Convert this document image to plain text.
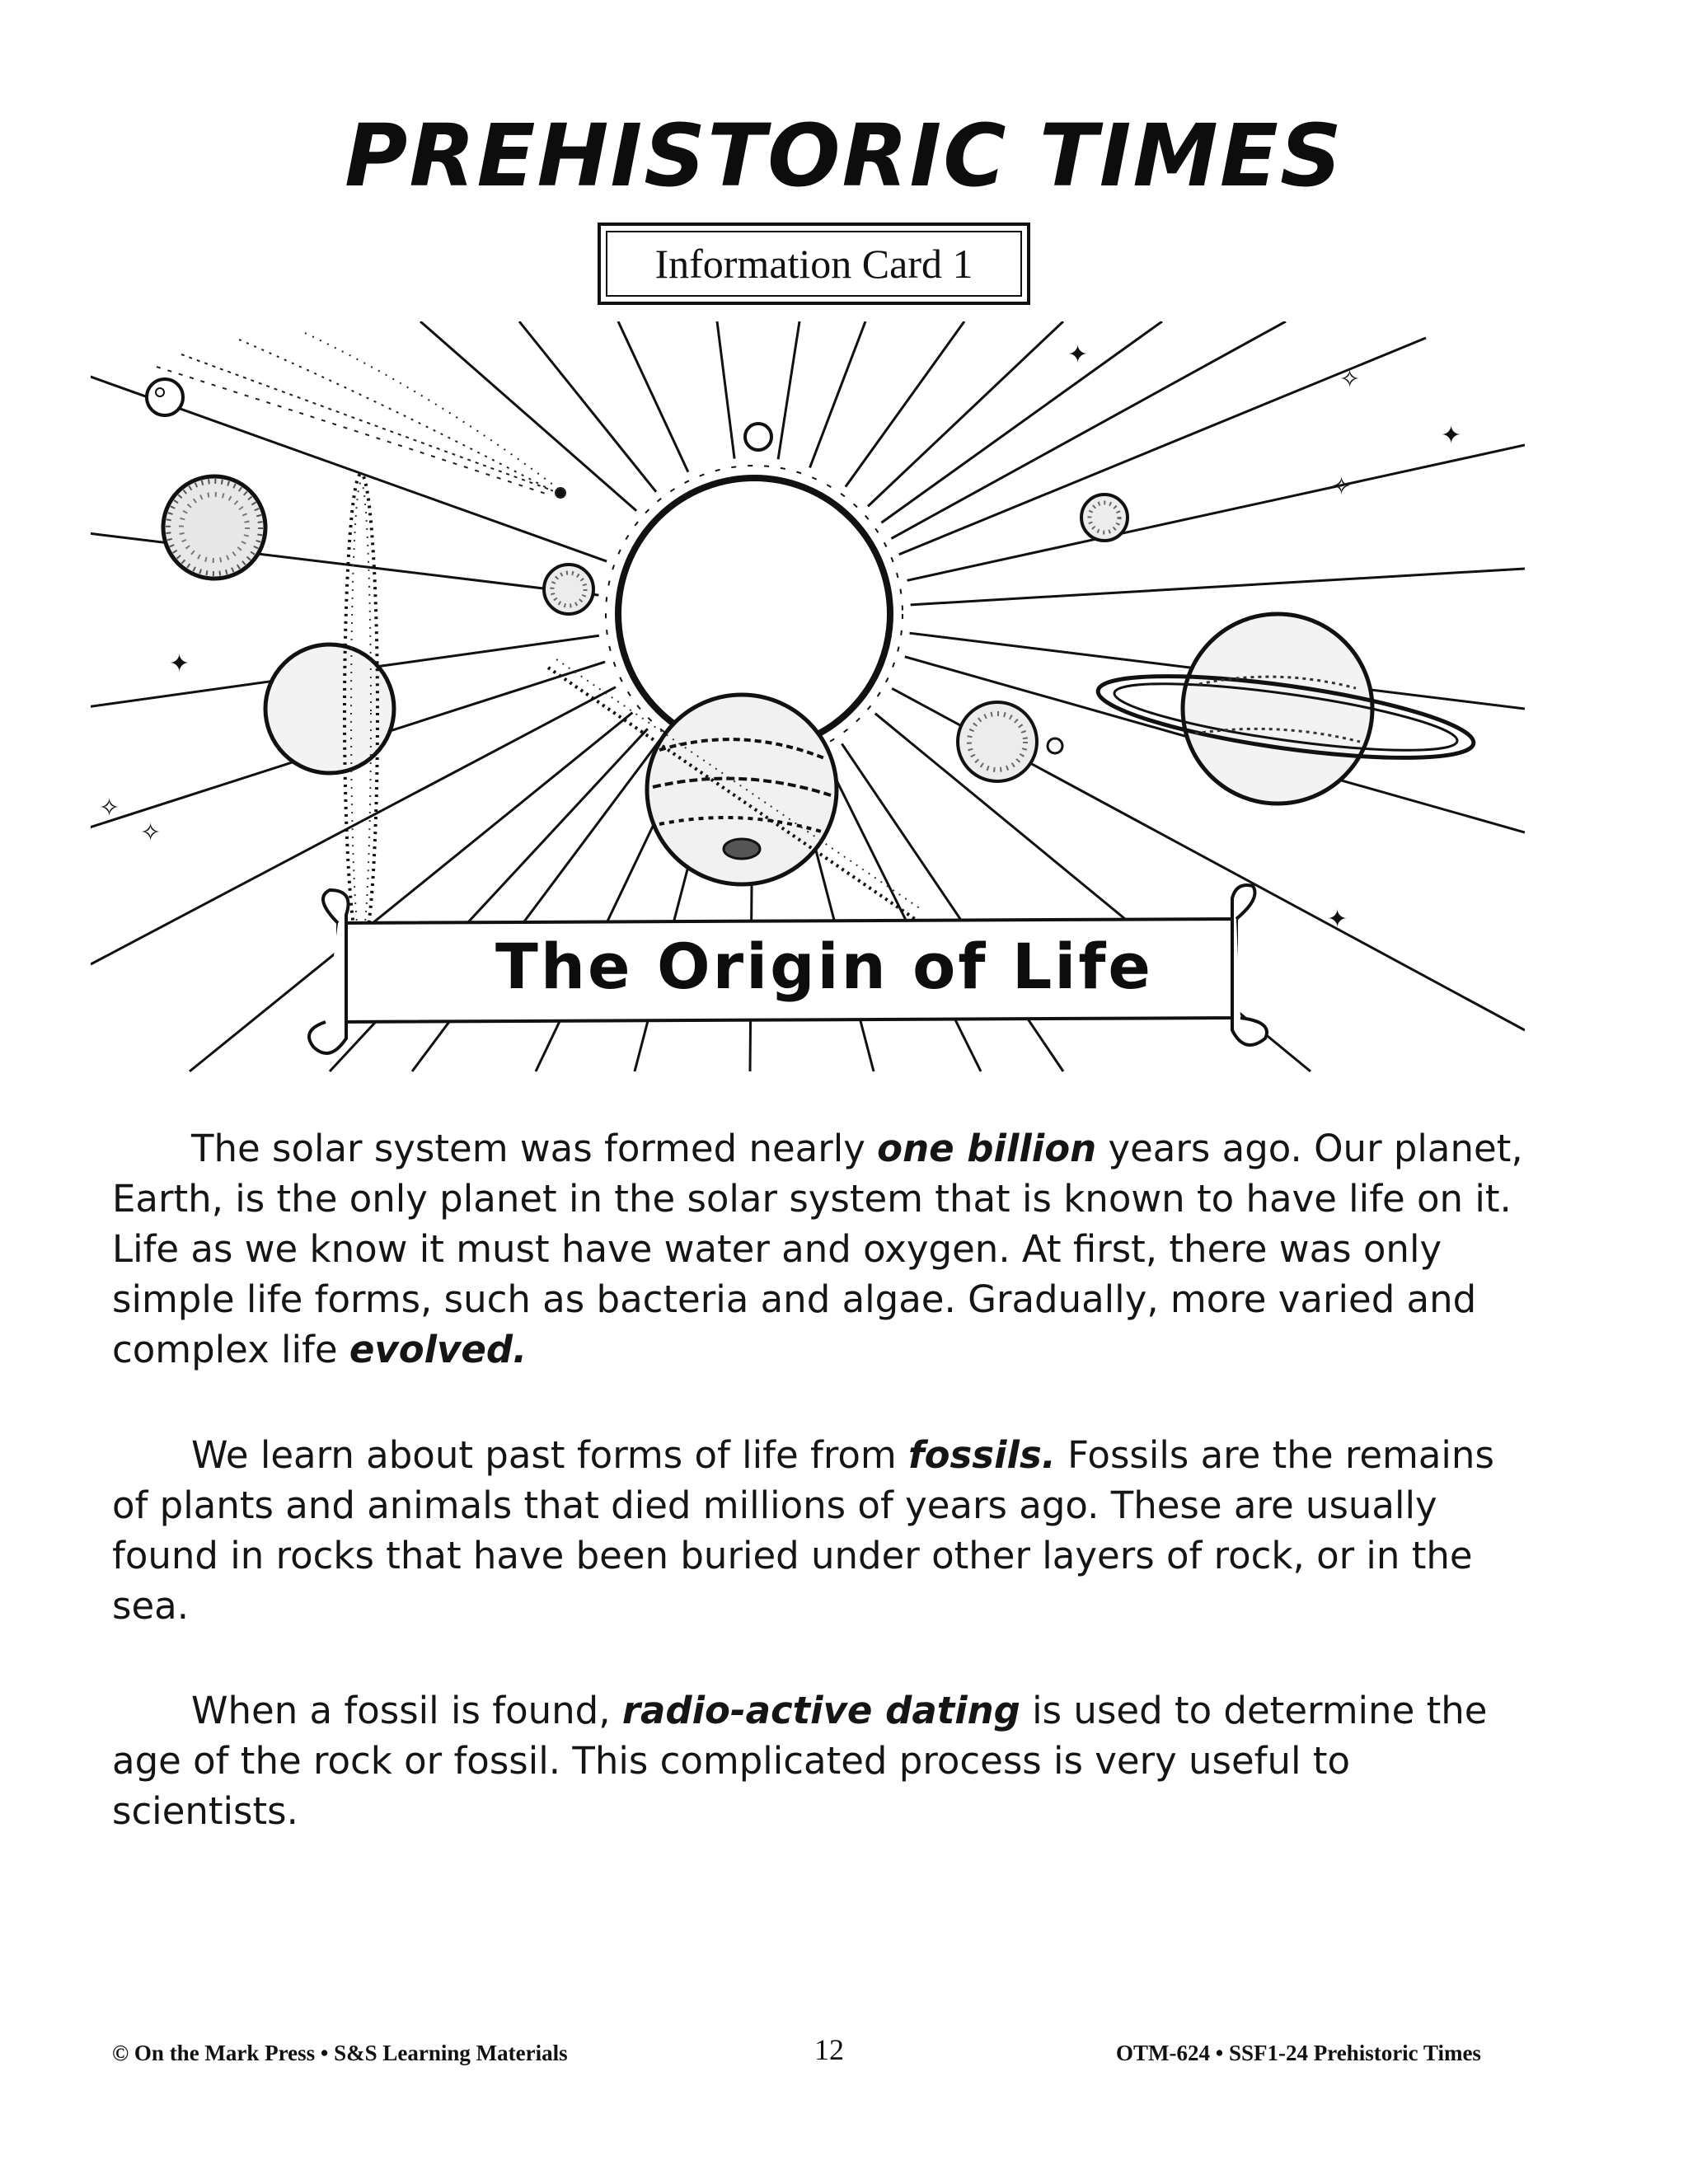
PREHISTORIC TIMES
Information Card 1
✦
✧
✦
✧
✦
✧
✧
✦
The Origin of Life

The solar system was formed nearly one billion years ago. Our planet, Earth, is the only planet in the solar system that is known to have life on it. Life as we know it must have water and oxygen. At first, there was only simple life forms, such as bacteria and algae. Gradually, more varied and complex life evolved.

We learn about past forms of life from fossils. Fossils are the remains of plants and animals that died millions of years ago. These are usually found in rocks that have been buried under other layers of rock, or in the sea.

When a fossil is found, radio-active dating is used to determine the age of the rock or fossil. This complicated process is very useful to scientists.

© On the Mark Press • S&S Learning Materials	12	OTM-624 • SSF1-24 Prehistoric Times
